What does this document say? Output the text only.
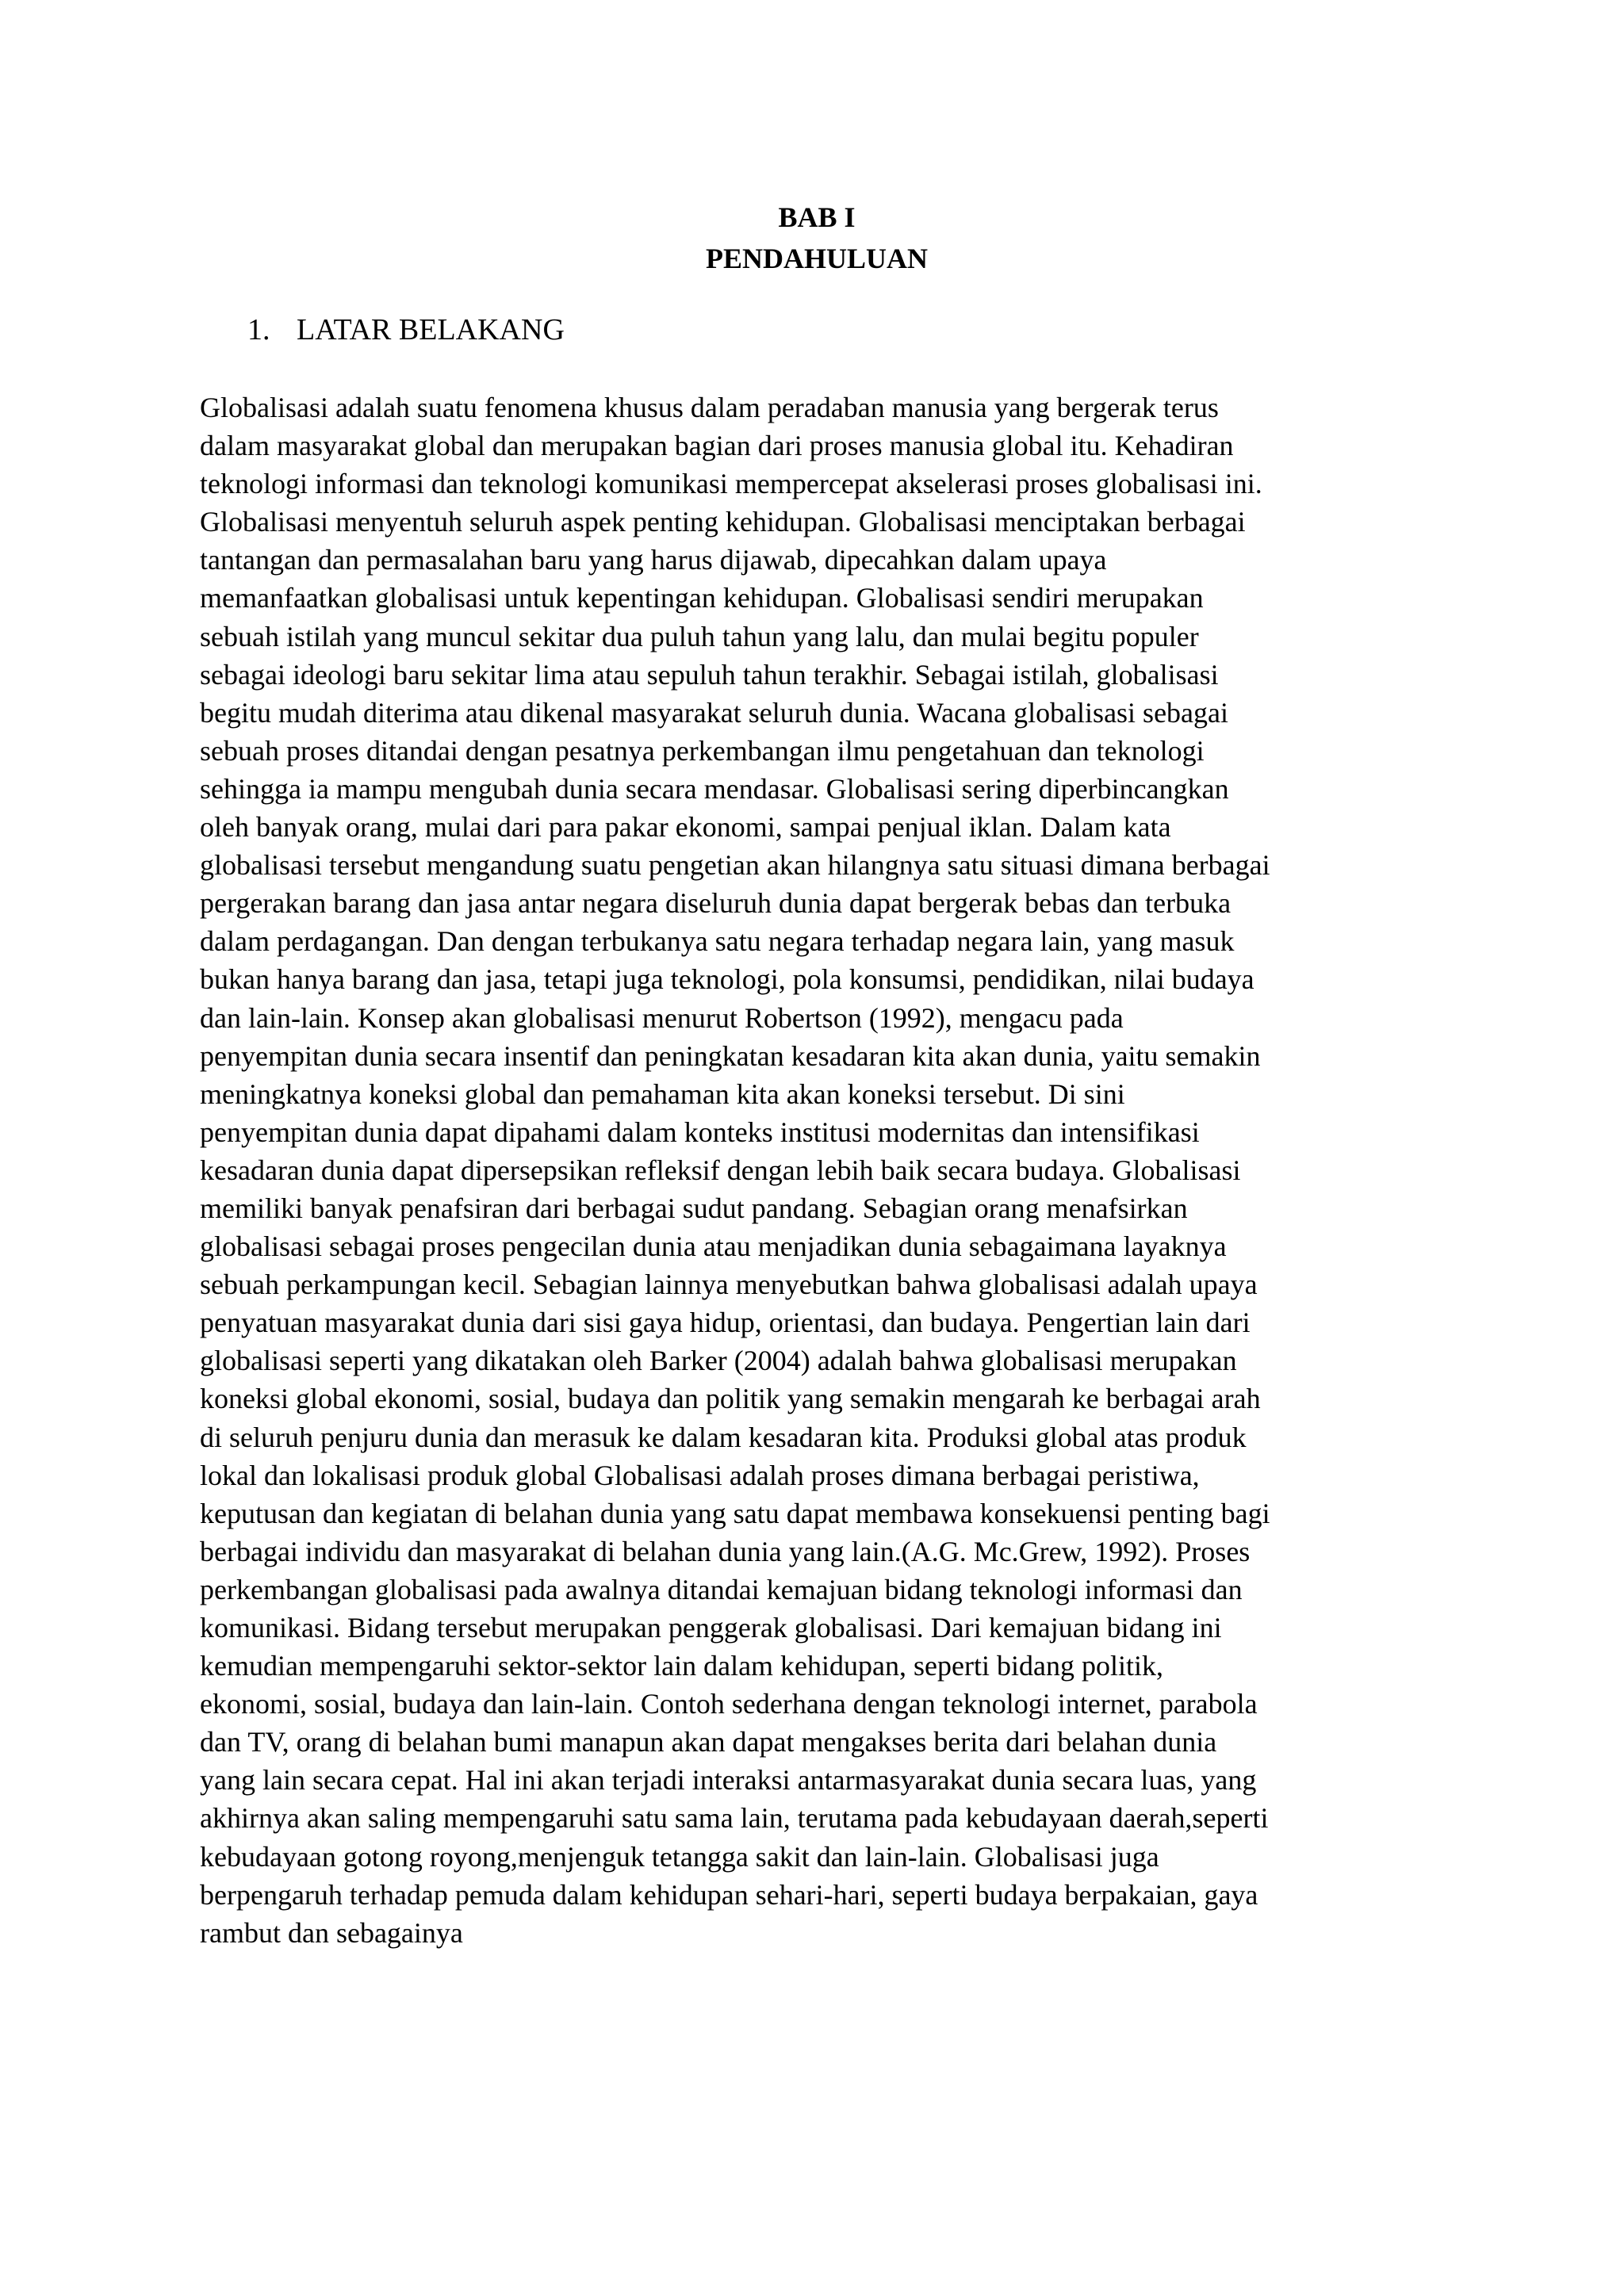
BAB I
PENDAHULUAN
1. LATAR BELAKANG
Globalisasi adalah suatu fenomena khusus dalam peradaban manusia yang bergerak terus
dalam masyarakat global dan merupakan bagian dari proses manusia global itu. Kehadiran
teknologi informasi dan teknologi komunikasi mempercepat akselerasi proses globalisasi ini.
Globalisasi menyentuh seluruh aspek penting kehidupan. Globalisasi menciptakan berbagai
tantangan dan permasalahan baru yang harus dijawab, dipecahkan dalam upaya
memanfaatkan globalisasi untuk kepentingan kehidupan. Globalisasi sendiri merupakan
sebuah istilah yang muncul sekitar dua puluh tahun yang lalu, dan mulai begitu populer
sebagai ideologi baru sekitar lima atau sepuluh tahun terakhir. Sebagai istilah, globalisasi
begitu mudah diterima atau dikenal masyarakat seluruh dunia. Wacana globalisasi sebagai
sebuah proses ditandai dengan pesatnya perkembangan ilmu pengetahuan dan teknologi
sehingga ia mampu mengubah dunia secara mendasar. Globalisasi sering diperbincangkan
oleh banyak orang, mulai dari para pakar ekonomi, sampai penjual iklan. Dalam kata
globalisasi tersebut mengandung suatu pengetian akan hilangnya satu situasi dimana berbagai
pergerakan barang dan jasa antar negara diseluruh dunia dapat bergerak bebas dan terbuka
dalam perdagangan. Dan dengan terbukanya satu negara terhadap negara lain, yang masuk
bukan hanya barang dan jasa, tetapi juga teknologi, pola konsumsi, pendidikan, nilai budaya
dan lain-lain. Konsep akan globalisasi menurut Robertson (1992), mengacu pada
penyempitan dunia secara insentif dan peningkatan kesadaran kita akan dunia, yaitu semakin
meningkatnya koneksi global dan pemahaman kita akan koneksi tersebut. Di sini
penyempitan dunia dapat dipahami dalam konteks institusi modernitas dan intensifikasi
kesadaran dunia dapat dipersepsikan refleksif dengan lebih baik secara budaya. Globalisasi
memiliki banyak penafsiran dari berbagai sudut pandang. Sebagian orang menafsirkan
globalisasi sebagai proses pengecilan dunia atau menjadikan dunia sebagaimana layaknya
sebuah perkampungan kecil. Sebagian lainnya menyebutkan bahwa globalisasi adalah upaya
penyatuan masyarakat dunia dari sisi gaya hidup, orientasi, dan budaya. Pengertian lain dari
globalisasi seperti yang dikatakan oleh Barker (2004) adalah bahwa globalisasi merupakan
koneksi global ekonomi, sosial, budaya dan politik yang semakin mengarah ke berbagai arah
di seluruh penjuru dunia dan merasuk ke dalam kesadaran kita. Produksi global atas produk
lokal dan lokalisasi produk global Globalisasi adalah proses dimana berbagai peristiwa,
keputusan dan kegiatan di belahan dunia yang satu dapat membawa konsekuensi penting bagi
berbagai individu dan masyarakat di belahan dunia yang lain.(A.G. Mc.Grew, 1992). Proses
perkembangan globalisasi pada awalnya ditandai kemajuan bidang teknologi informasi dan
komunikasi. Bidang tersebut merupakan penggerak globalisasi. Dari kemajuan bidang ini
kemudian mempengaruhi sektor-sektor lain dalam kehidupan, seperti bidang politik,
ekonomi, sosial, budaya dan lain-lain. Contoh sederhana dengan teknologi internet, parabola
dan TV, orang di belahan bumi manapun akan dapat mengakses berita dari belahan dunia
yang lain secara cepat. Hal ini akan terjadi interaksi antarmasyarakat dunia secara luas, yang
akhirnya akan saling mempengaruhi satu sama lain, terutama pada kebudayaan daerah,seperti
kebudayaan gotong royong,menjenguk tetangga sakit dan lain-lain. Globalisasi juga
berpengaruh terhadap pemuda dalam kehidupan sehari-hari, seperti budaya berpakaian, gaya
rambut dan sebagainya
